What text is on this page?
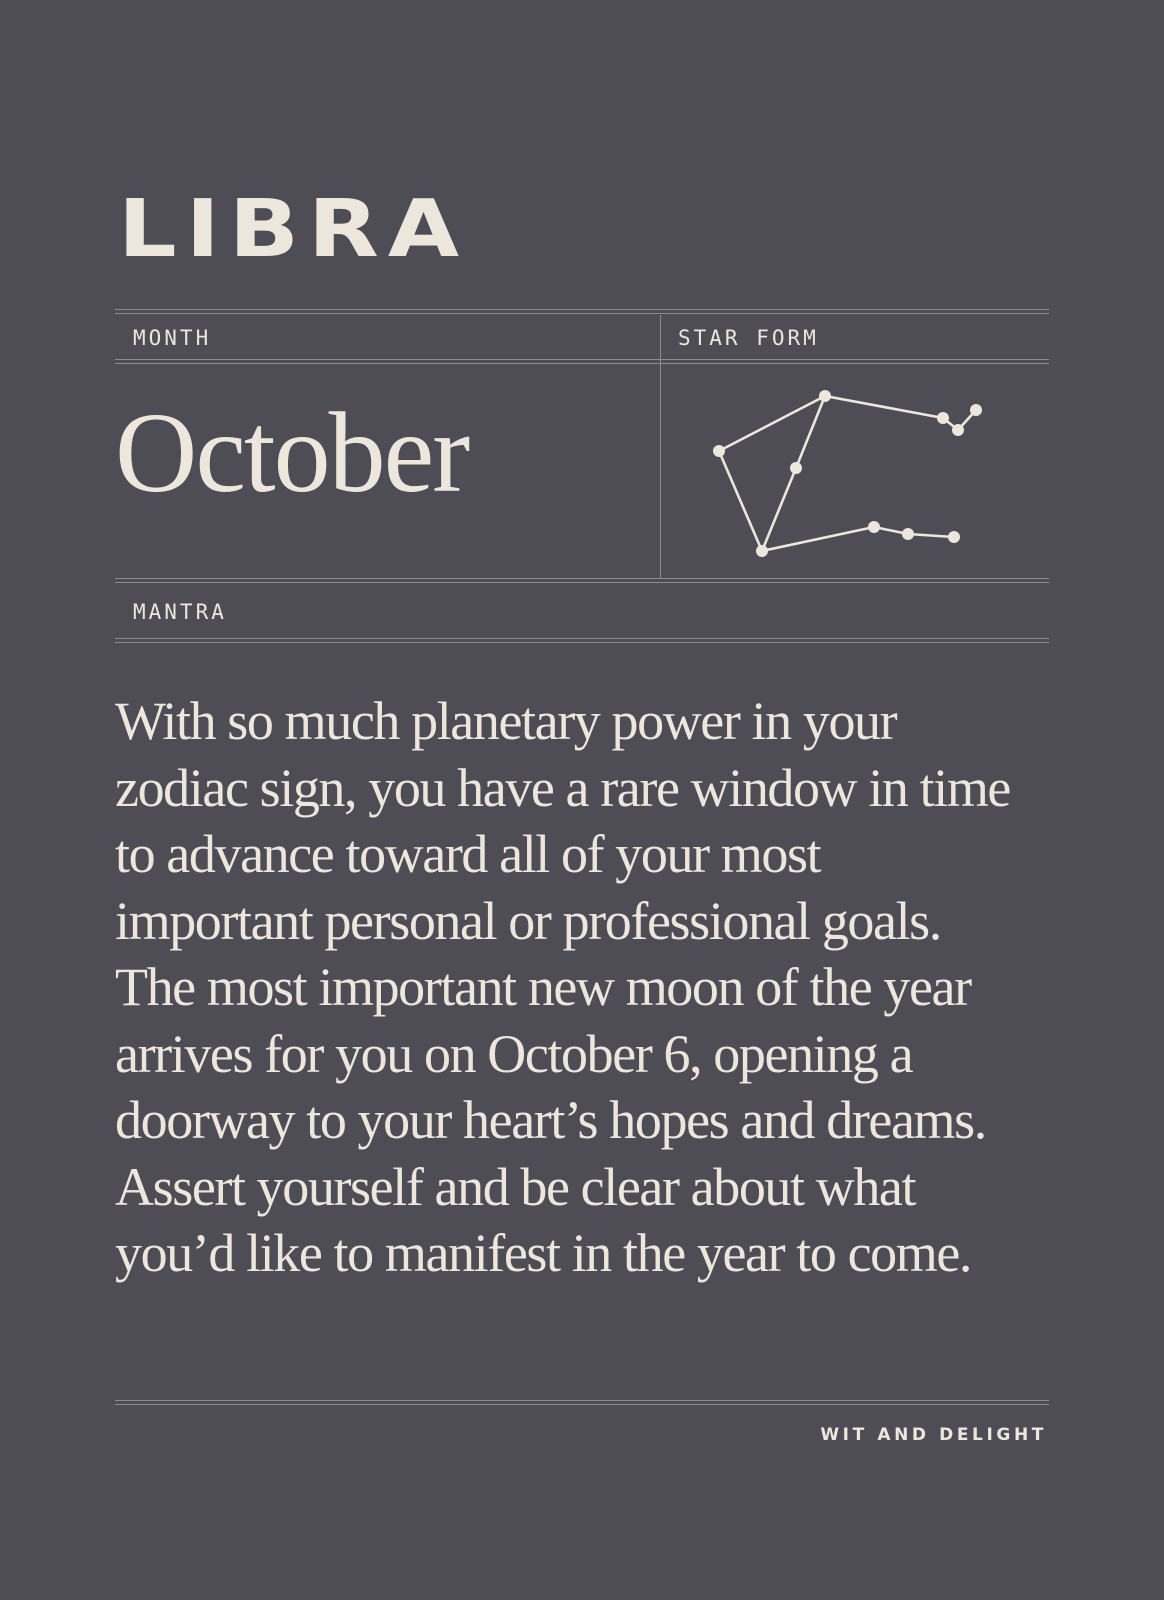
LIBRA
MONTH	STAR FORM
October
MANTRA
With so much planetary power in your
zodiac sign, you have a rare window in time
to advance toward all of your most
important personal or professional goals.
The most important new moon of the year
arrives for you on October 6, opening a
doorway to your heart’s hopes and dreams.
Assert yourself and be clear about what
you’d like to manifest in the year to come.
WIT AND DELIGHT
